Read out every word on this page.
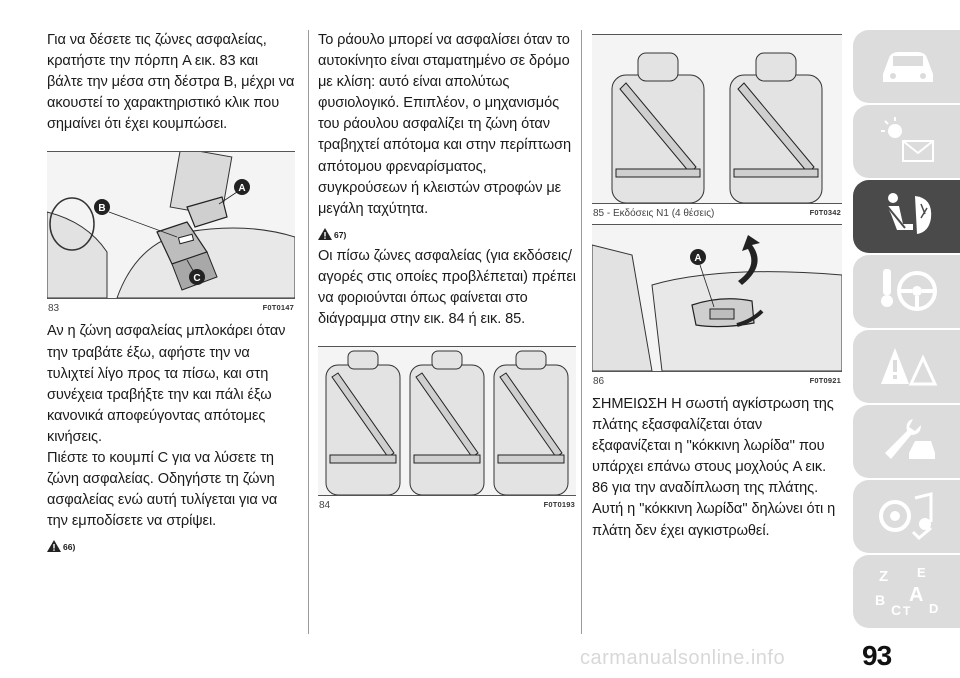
Για να δέσετε τις ζώνες ασφαλείας, κρατήστε την πόρπη A εικ. 83 και βάλτε την μέσα στη δέστρα B, μέχρι να ακουστεί το χαρακτηριστικό κλικ που σημαίνει ότι έχει κουμπώσει.

A
B
C
83	F0T0147

Αν η ζώνη ασφαλείας μπλοκάρει όταν την τραβάτε έξω, αφήστε την να τυλιχτεί λίγο προς τα πίσω, και στη συνέχεια τραβήξτε την και πάλι έξω κανονικά αποφεύγοντας απότομες κινήσεις.

Πιέστε το κουμπί C για να λύσετε τη ζώνη ασφαλείας. Οδηγήστε τη ζώνη ασφαλείας ενώ αυτή τυλίγεται για να την εμποδίσετε να στρίψει.

66)

Το ράουλο μπορεί να ασφαλίσει όταν το αυτοκίνητο είναι σταματημένο σε δρόμο με κλίση: αυτό είναι απολύτως φυσιολογικό. Επιπλέον, ο μηχανισμός του ράουλου ασφαλίζει τη ζώνη όταν τραβηχτεί απότομα και στην περίπτωση απότομου φρεναρίσματος, συγκρούσεων ή κλειστών στροφών με μεγάλη ταχύτητα.

67)

Οι πίσω ζώνες ασφαλείας (για εκδόσεις/αγορές στις οποίες προβλέπεται) πρέπει να φοριούνται όπως φαίνεται στο διάγραμμα στην εικ. 84 ή εικ. 85.

84	F0T0193
85 - Εκδόσεις N1 (4 θέσεις)	F0T0342
A
86	F0T0921

ΣΗΜΕΙΩΣΗ Η σωστή αγκίστρωση της πλάτης εξασφαλίζεται όταν εξαφανίζεται η ''κόκκινη λωρίδα'' που υπάρχει επάνω στους μοχλούς A εικ. 86 για την αναδίπλωση της πλάτης. Αυτή η ''κόκκινη λωρίδα'' δηλώνει ότι η πλάτη δεν έχει αγκιστρωθεί.

Z E
B A
C T D
carmanualsonline.info	93
